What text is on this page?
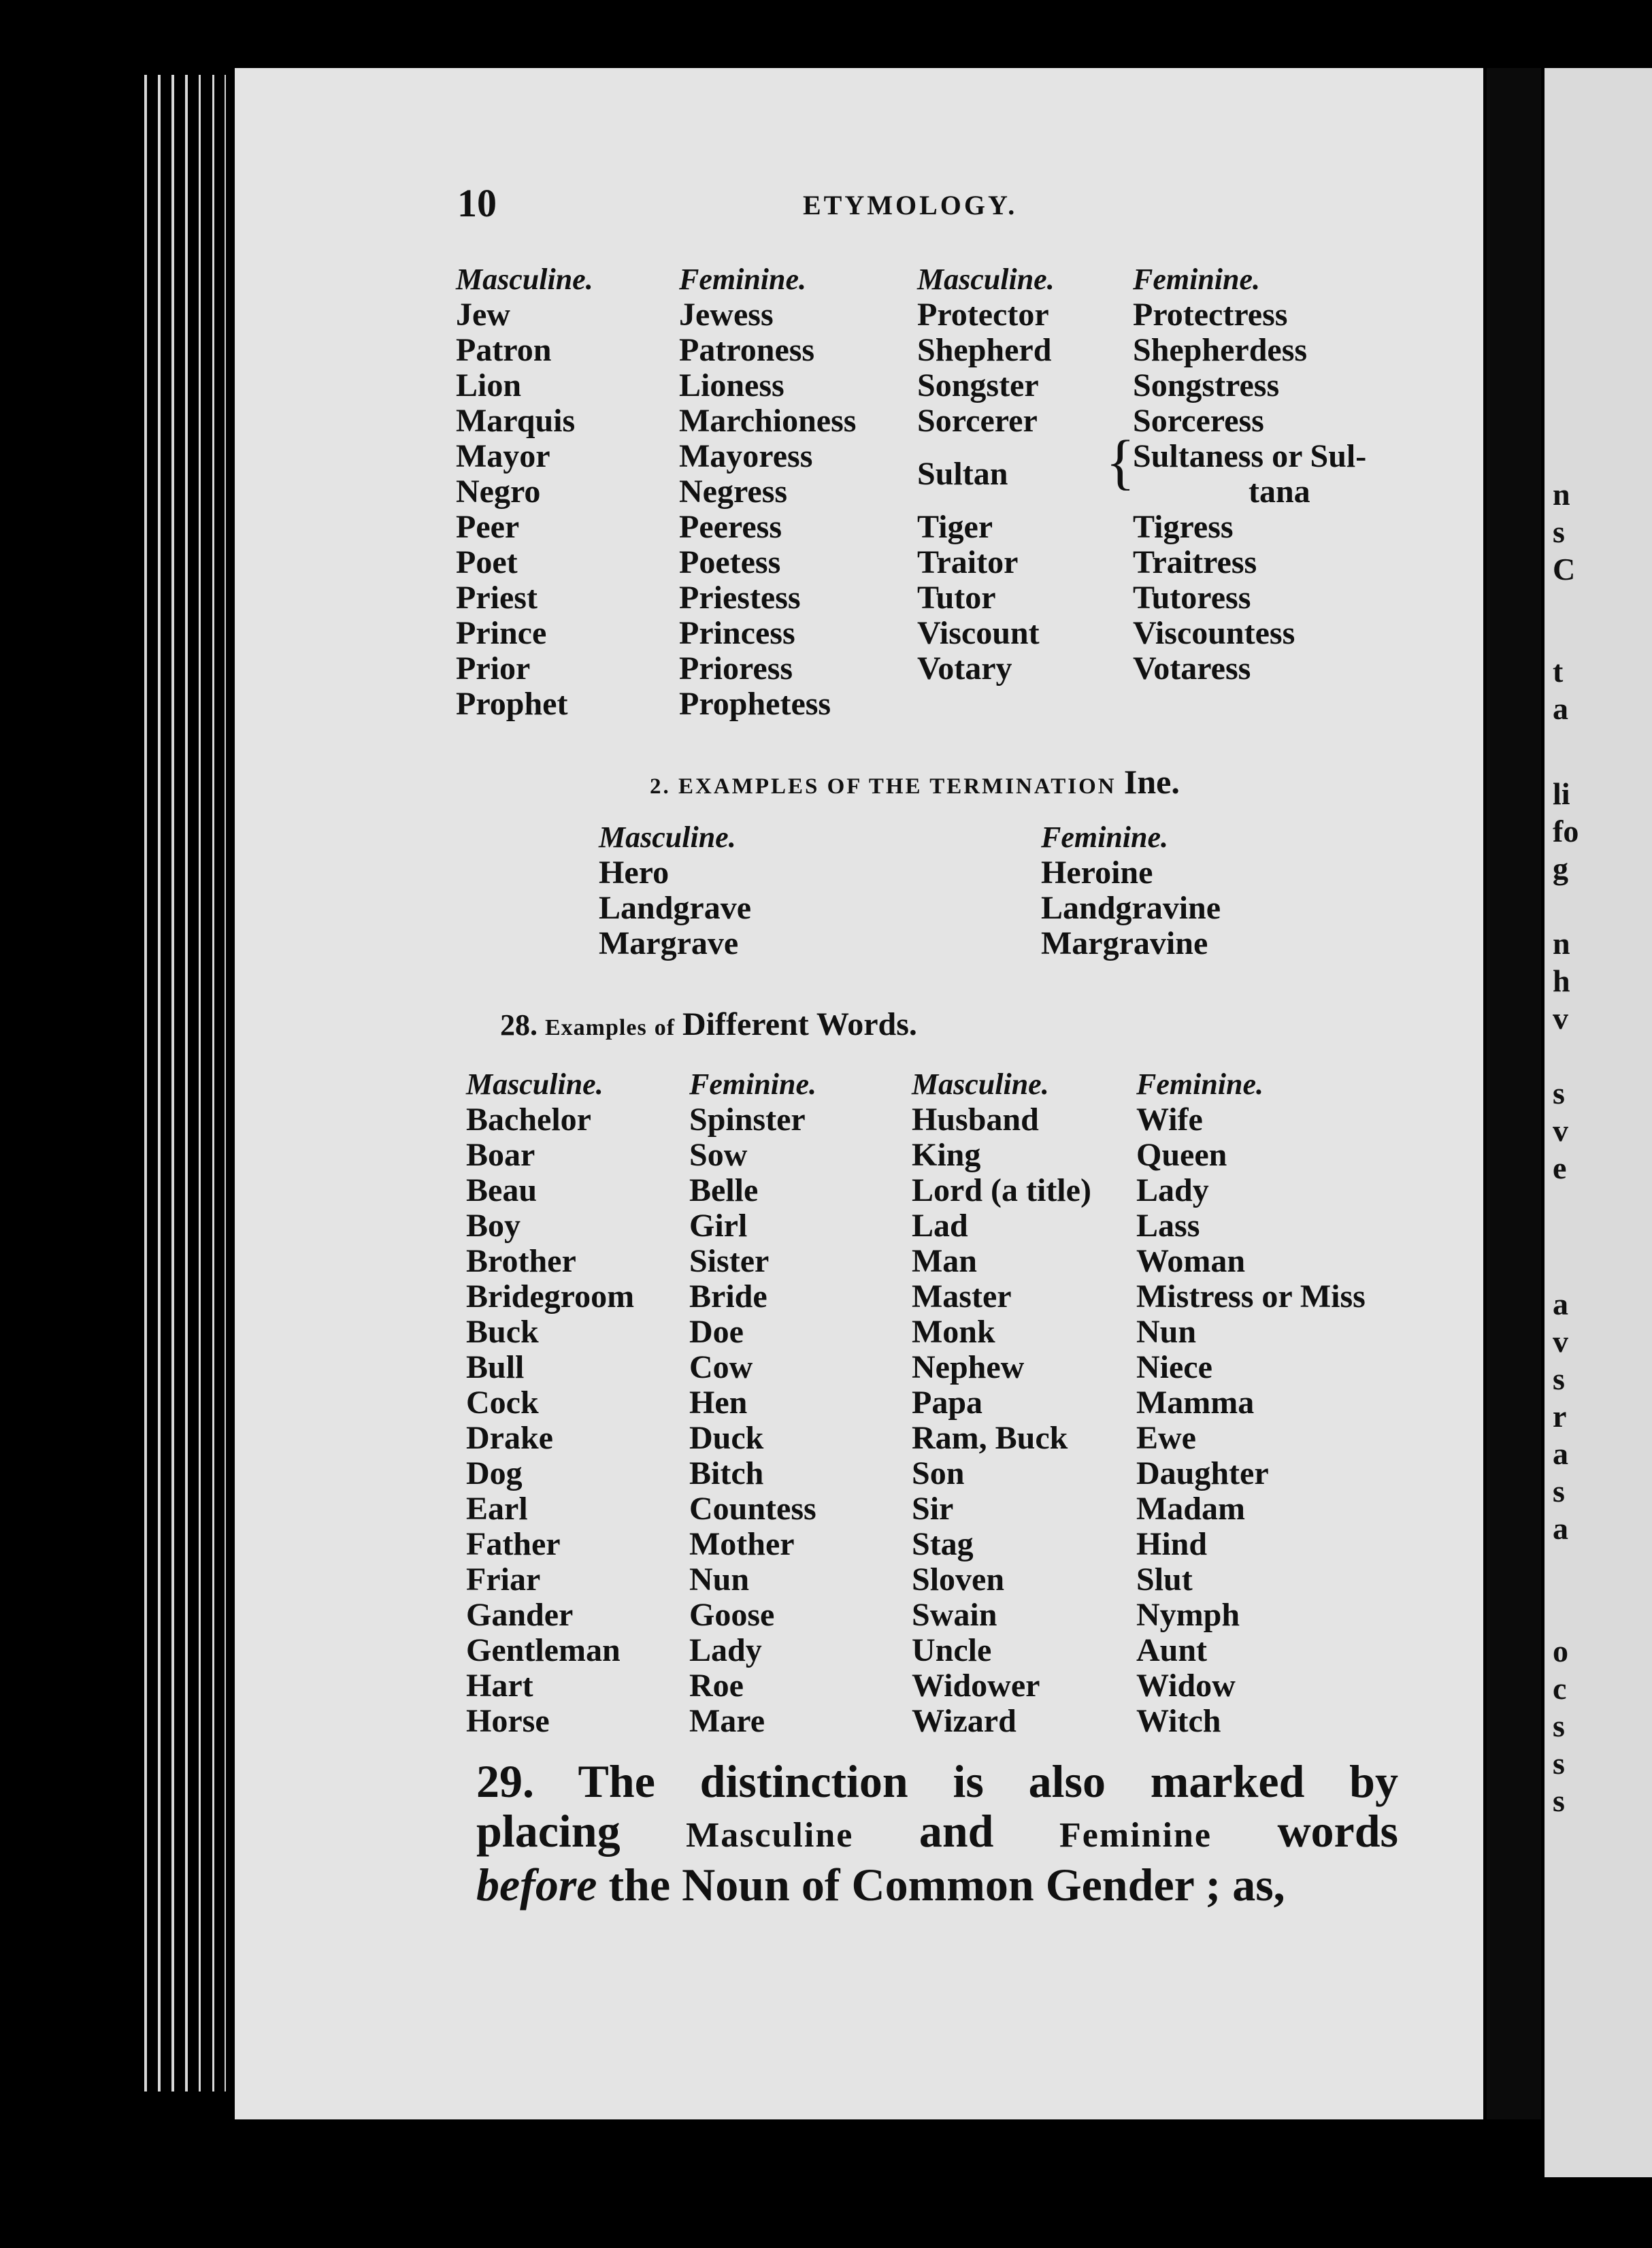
n
s
C
t
a
li
fo
g
n
h
v
s
v
e
a
v
s
r
a
s
a
o
c
s
s
s
10	ETYMOLOGY.
Masculine.
Jew
Patron
Lion
Marquis
Mayor
Negro
Peer
Poet
Priest
Prince
Prior
Prophet
Feminine.
Jewess
Patroness
Lioness
Marchioness
Mayoress
Negress
Peeress
Poetess
Priestess
Princess
Prioress
Prophetess
Masculine.
Protector
Shepherd
Songster
Sorcerer
Sultan
Tiger
Traitor
Tutor
Viscount
Votary
Feminine.
Protectress
Shepherdess
Songstress
Sorceress
Sultaness or Sul-
tana
Tigress
Traitress
Tutoress
Viscountess
Votaress
{
2. EXAMPLES OF THE TERMINATION Ine.
Masculine.
Hero
Landgrave
Margrave
Feminine.
Heroine
Landgravine
Margravine
28. Examples of Different Words.
Masculine.
Bachelor
Boar
Beau
Boy
Brother
Bridegroom
Buck
Bull
Cock
Drake
Dog
Earl
Father
Friar
Gander
Gentleman
Hart
Horse
Feminine.
Spinster
Sow
Belle
Girl
Sister
Bride
Doe
Cow
Hen
Duck
Bitch
Countess
Mother
Nun
Goose
Lady
Roe
Mare
Masculine.
Husband
King
Lord (a title)
Lad
Man
Master
Monk
Nephew
Papa
Ram, Buck
Son
Sir
Stag
Sloven
Swain
Uncle
Widower
Wizard
Feminine.
Wife
Queen
Lady
Lass
Woman
Mistress or Miss
Nun
Niece
Mamma
Ewe
Daughter
Madam
Hind
Slut
Nymph
Aunt
Widow
Witch
29. The distinction is also marked by
placing Masculine and Feminine words
before the Noun of Common Gender ; as,
